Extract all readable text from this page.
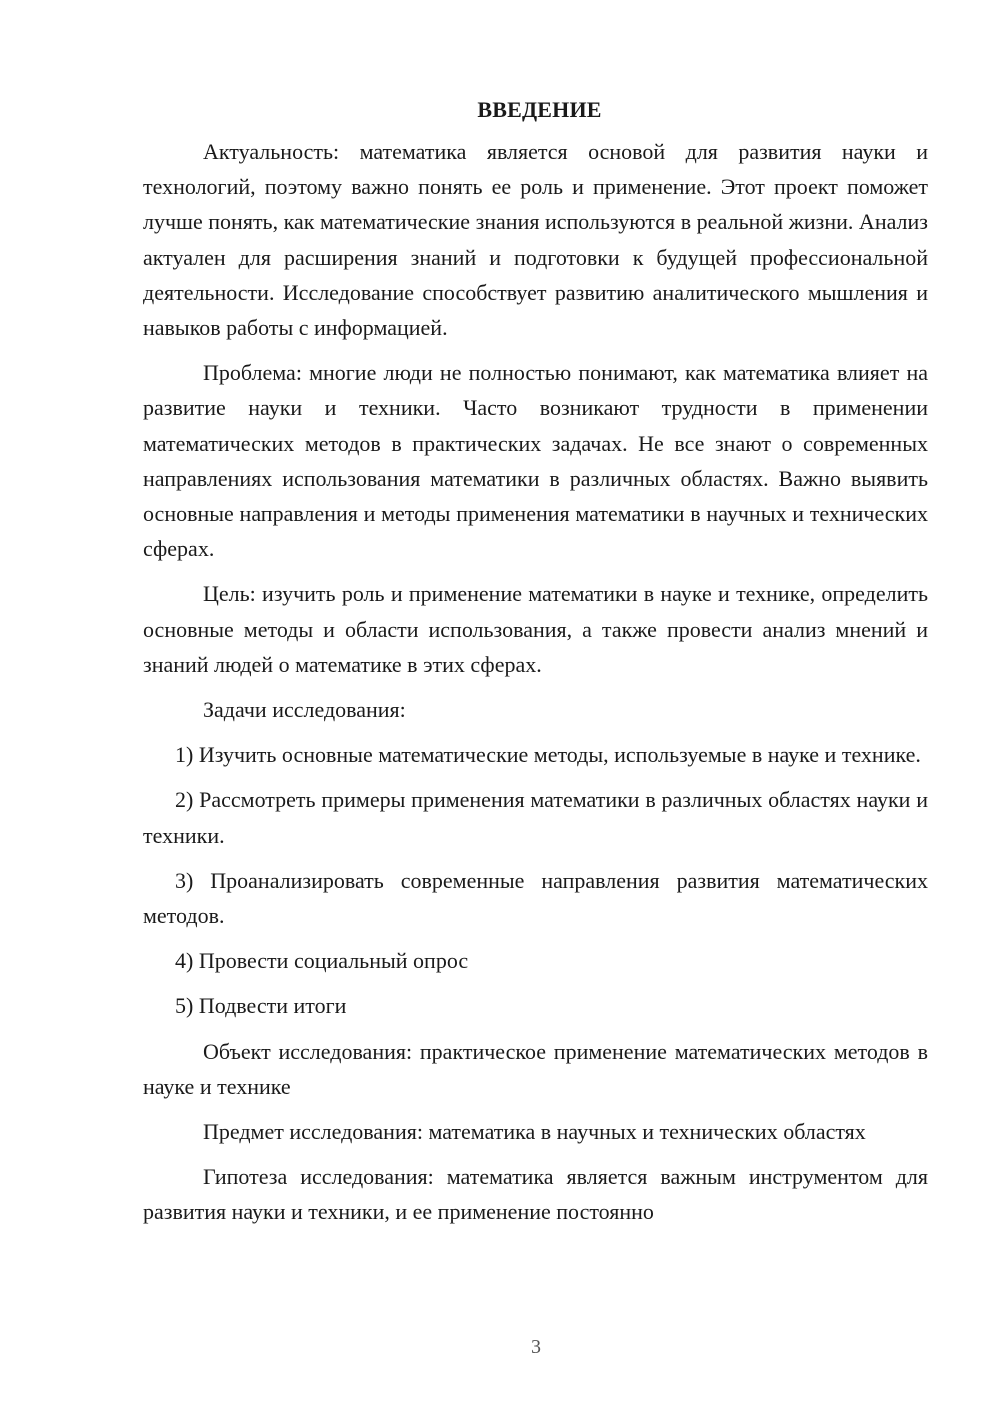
ВВЕДЕНИЕ

Актуальность: математика является основой для развития науки и технологий, поэтому важно понять ее роль и применение. Этот проект поможет лучше понять, как математические знания используются в реальной жизни. Анализ актуален для расширения знаний и подготовки к будущей профессиональной деятельности. Исследование способствует развитию аналитического мышления и навыков работы с информацией.

Проблема: многие люди не полностью понимают, как математика влияет на развитие науки и техники. Часто возникают трудности в применении математических методов в практических задачах. Не все знают о современных направлениях использования математики в различных областях. Важно выявить основные направления и методы применения математики в научных и технических сферах.

Цель: изучить роль и применение математики в науке и технике, определить основные методы и области использования, а также провести анализ мнений и знаний людей о математике в этих сферах.

Задачи исследования:

1) Изучить основные математические методы, используемые в науке и технике.

2) Рассмотреть примеры применения математики в различных областях науки и техники.

3) Проанализировать современные направления развития математических методов.

4) Провести социальный опрос

5) Подвести итоги

Объект исследования: практическое применение математических методов в науке и технике

Предмет исследования: математика в научных и технических областях

Гипотеза исследования: математика является важным инструментом для развития науки и техники, и ее применение постоянно

3
